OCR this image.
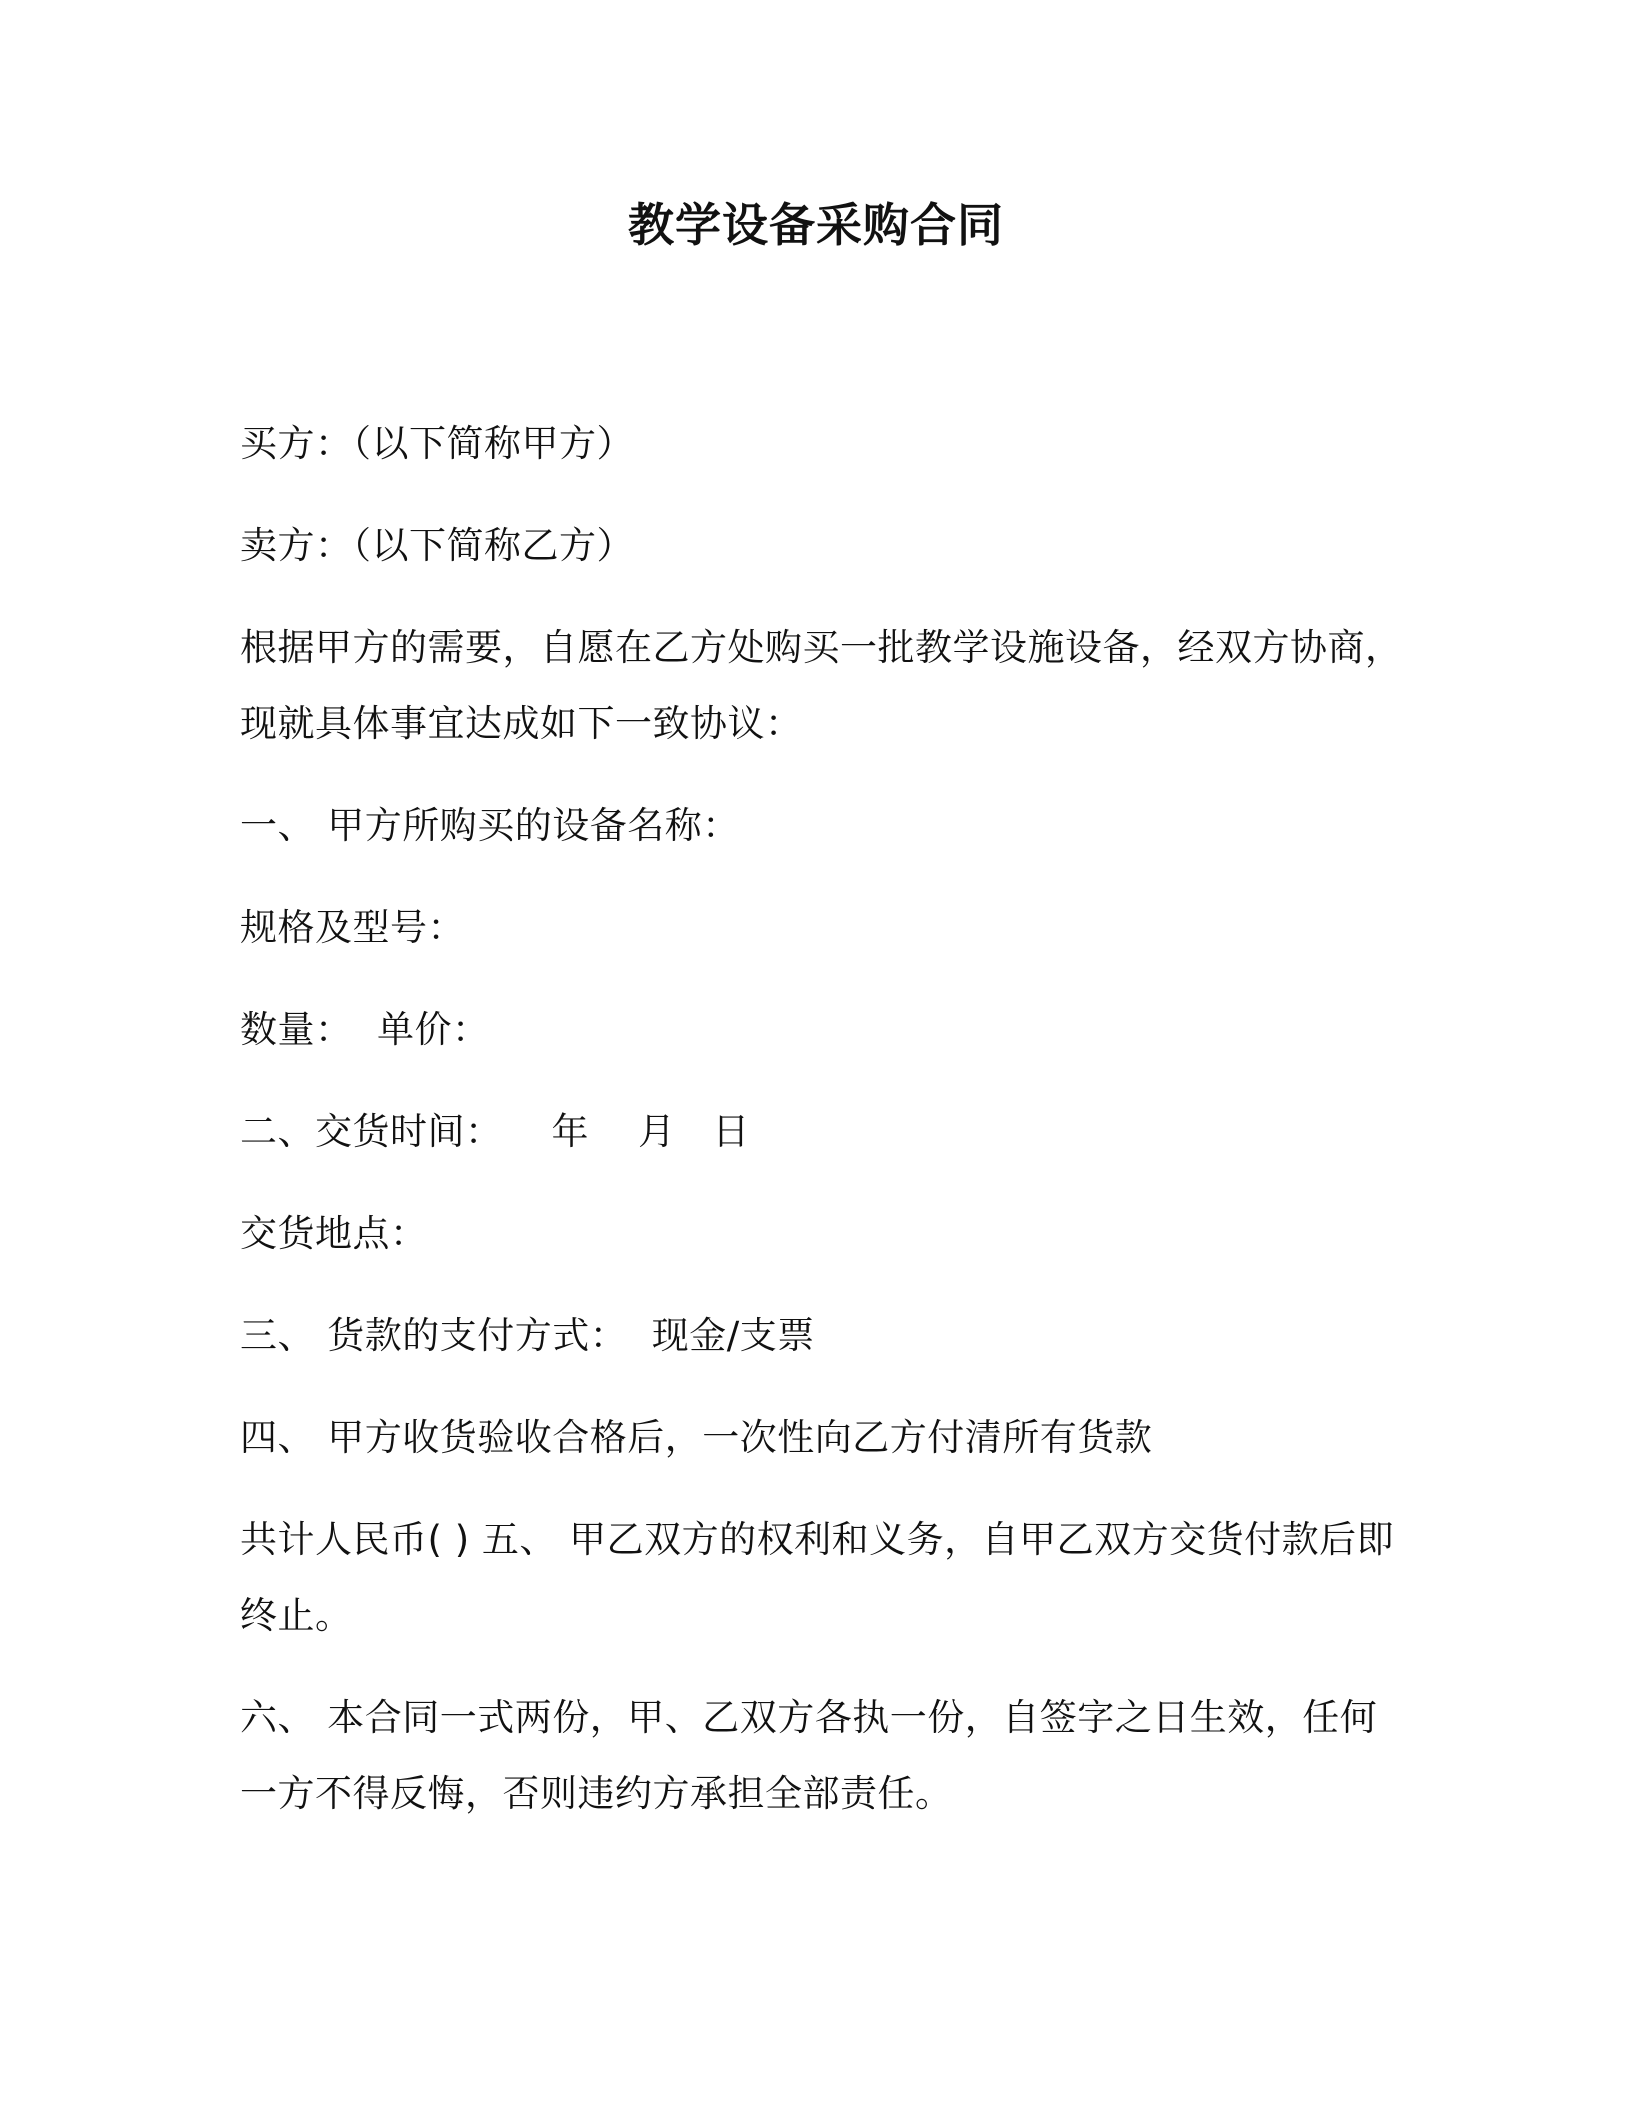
教学设备采购合同
买方：（以下简称甲方）
卖方：（以下简称乙方）
根据甲方的需要，自愿在乙方处购买一批教学设施设备，经双方协商，
现就具体事宜达成如下一致协议：
一、 甲方所购买的设备名称：
规格及型号：
数量：  单价：
二、交货时间：    年    月   日
交货地点：
三、 货款的支付方式：  现金/支票
四、 甲方收货验收合格后，一次性向乙方付清所有货款
共计人民币( ) 五、 甲乙双方的权利和义务，自甲乙双方交货付款后即
终止。
六、 本合同一式两份，甲、乙双方各执一份，自签字之日生效，任何
一方不得反悔，否则违约方承担全部责任。
